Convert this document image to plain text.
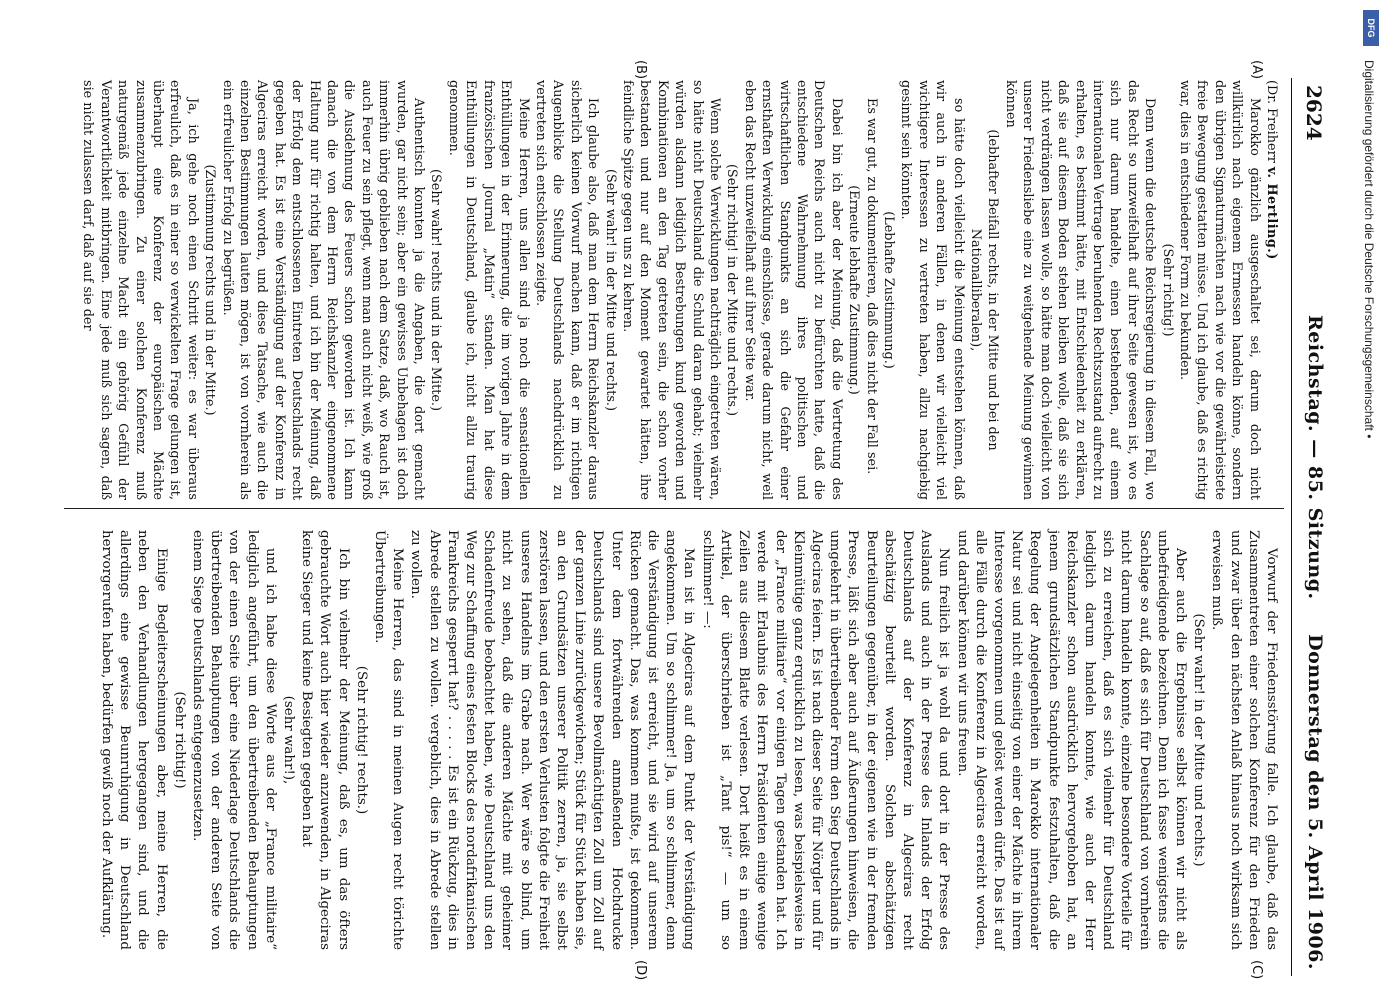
2624
Reichstag. — 85. Sitzung.
Donnerstag den 5. April 1906.
(A)
(B)
(C)
(D)

(Dr. Freiherr v. Hertling.)

Marokko gänzlich ausgeschaltet sei, darum doch nicht willkürlich nach eigenem Ermessen handeln könne, sondern den übrigen Signaturmächten nach wie vor die gewährleistete freie Bewegung gestatten müsse. Und ich glaube, daß es richtig war, dies in entschiedener Form zu bekunden.

(Sehr richtig!)

Denn wenn die deutsche Reichsregierung in diesem Fall, wo das Recht so unzweifelhaft auf ihrer Seite gewesen ist, wo es sich nur darum handelte, einen bestehenden, auf einem internationalen Vertrage beruhenden Rechtszustand aufrecht zu erhalten, es bestimmt hätte, mit Entschiedenheit zu erklären, daß sie auf diesem Boden stehen bleiben wolle, daß sie sich nicht verdrängen lassen wolle, so hätte man doch vielleicht von unserer Friedensliebe eine zu weitgehende Meinung gewinnen können

(lebhafter Beifall rechts, in der Mitte und bei den Nationalliberalen),

so hätte doch vielleicht die Meinung entstehen können, daß wir auch in anderen Fällen, in denen wir vielleicht viel wichtigere Interessen zu vertreten haben, allzu nachgiebig gesinnt sein könnten.

(Lebhafte Zustimmung.)

Es war gut, zu dokumentieren, daß dies nicht der Fall sei.

(Erneute lebhafte Zustimmung.)

Dabei bin ich aber der Meinung, daß die Vertretung des Deutschen Reichs auch nicht zu befürchten hatte, daß die entschiedene Wahrnehmung ihres politischen und wirtschaftlichen Standpunkts an sich die Gefahr einer ernsthaften Verwicklung einschlösse, gerade darum nicht, weil eben das Recht unzweifelhaft auf ihrer Seite war.

(Sehr richtig! in der Mitte und rechts.)

Wenn solche Verwicklungen nachträglich eingetreten wären, so hätte nicht Deutschland die Schuld daran gehabt; vielmehr würden alsdann lediglich Bestrebungen kund geworden und Kombinationen an den Tag getreten sein, die schon vorher bestanden und nur auf den Moment gewartet hätten, ihre feindliche Spitze gegen uns zu kehren.

(Sehr wahr! in der Mitte und rechts.)

Ich glaube also, daß man dem Herrn Reichskanzler daraus sicherlich keinen Vorwurf machen kann, daß er im richtigen Augenblicke die Stellung Deutschlands nachdrücklich zu vertreten sich entschlossen zeigte.

Meine Herren, uns allen sind ja noch die sensationellen Enthüllungen in der Erinnerung, die im vorigen Jahre in dem französischen Journal „Matin“ standen. Man hat diese Enthüllungen in Deutschland, glaube ich, nicht allzu traurig genommen.

(Sehr wahr! rechts und in der Mitte.)

Authentisch konnten ja die Angaben, die dort gemacht wurden, gar nicht sein; aber ein gewisses Unbehagen ist doch immerhin übrig geblieben nach dem Satze, daß, wo Rauch ist, auch Feuer zu sein pflegt, wenn man auch nicht weiß, wie groß die Ausdehnung des Feuers schon geworden ist. Ich kann danach die von dem Herrn Reichskanzler eingenommene Haltung nur für richtig halten, und ich bin der Meinung, daß der Erfolg dem entschlossenen Eintreten Deutschlands recht gegeben hat. Es ist eine Verständigung auf der Konferenz in Algeciras erreicht worden, und diese Tatsache, wie auch die einzelnen Bestimmungen lauten mögen, ist von vornherein als ein erfreulicher Erfolg zu begrüßen.

(Zustimmung rechts und in der Mitte.)

Ja, ich gehe noch einen Schritt weiter: es war überaus erfreulich, daß es in einer so verwickelten Frage gelungen ist, überhaupt eine Konferenz der europäischen Mächte zusammenzubringen. Zu einer solchen Konferenz muß naturgemäß jede einzelne Macht ein gehörig Gefühl der Verantwortlichkeit mitbringen. Eine jede muß sich sagen, daß sie nicht zulassen darf, daß auf sie der

Vorwurf der Friedensstörung falle. Ich glaube, daß das Zusammentreten einer solchen Konferenz für den Frieden und zwar über den nächsten Anlaß hinaus noch wirksam sich erweisen muß.

(Sehr wahr! in der Mitte und rechts.)

Aber auch die Ergebnisse selbst können wir nicht als unbefriedigende bezeichnen. Denn ich fasse wenigstens die Sachlage so auf, daß es sich für Deutschland von vornherein nicht darum handeln konnte, einzelne besondere Vorteile für sich zu erreichen, daß es sich vielmehr für Deutschland lediglich darum handeln konnte, wie auch der Herr Reichskanzler schon ausdrücklich hervorgehoben hat, an jenem grundsätzlichen Standpunkte festzuhalten, daß die Regelung der Angelegenheiten in Marokko internationaler Natur sei und nicht einseitig von einer der Mächte in ihrem Interesse vorgenommen und gelöst werden dürfe. Das ist auf alle Fälle durch die Konferenz in Algeciras erreicht worden, und darüber können wir uns freuen.

Nun freilich ist ja wohl da und dort in der Presse des Auslands und auch in der Presse des Inlands der Erfolg Deutschlands auf der Konferenz in Algeciras recht abschätzig beurteilt worden. Solchen abschätzigen Beurteilungen gegenüber, in der eigenen wie in der fremden Presse, läßt sich aber auch auf Äußerungen hinweisen, die umgekehrt in übertreibender Form den Sieg Deutschlands in Algeciras feiern. Es ist nach dieser Seite für Nörgler und für Kleinmütige ganz erquicklich zu lesen, was beispielsweise in der „France militaire“ vor einigen Tagen gestanden hat. Ich werde mit Erlaubnis des Herrn Präsidenten einige wenige Zeilen aus diesem Blatte verlesen. Dort heißt es in einem Artikel, der überschrieben ist „Tant pis!“ — um so schlimmer! —:

Man ist in Algeciras auf dem Punkt der Verständigung angekommen. Um so schlimmer! Ja, um so schlimmer, denn die Verständigung ist erreicht, und sie wird auf unserem Rücken gemacht. Das, was kommen mußte, ist gekommen. Unter dem fortwährenden anmaßenden Hochdrucke Deutschlands sind unsere Bevollmächtigten Zoll um Zoll auf der ganzen Linie zurückgewichen; Stück für Stück haben sie, an den Grundsätzen unserer Politik zerren, ja, sie selbst zerstören lassen, und den ersten Verlusten folgte die Freiheit unseres Handelns im Grabe nach. Wer wäre so blind, um nicht zu sehen, daß die anderen Mächte mit geheimer Schadenfreude beobachtet haben, wie Deutschland uns den Weg zur Schaffung eines festen Blocks des nordafrikanischen Frankreichs gesperrt hat? . . . . . Es ist ein Rückzug, dies in Abrede stellen zu wollen. vergeblich, dies in Abrede stellen zu wollen.

Meine Herren, das sind in meinen Augen recht törichte Übertreibungen.

(Sehr richtig! rechts.)

Ich bin vielmehr der Meinung, daß es, um das öfters gebrauchte Wort auch hier wieder anzuwenden, in Algeciras keine Sieger und keine Besiegten gegeben hat

(sehr wahr!),

und ich habe diese Worte aus der „France militaire“ lediglich angeführt, um den übertreibenden Behauptungen von der einen Seite über eine Niederlage Deutschlands die übertreibenden Behauptungen von der anderen Seite von einem Siege Deutschlands entgegenzusetzen.

(Sehr richtig!)

Einige Begleiterscheinungen aber, meine Herren, die neben den Verhandlungen hergegangen sind, und die allerdings eine gewisse Beunruhigung in Deutschland hervorgerufen haben, bedürfen gewiß noch der Aufklärung.

Digitalisierung gefördert durch die Deutsche Forschungsgemeinschaft •
DFG
